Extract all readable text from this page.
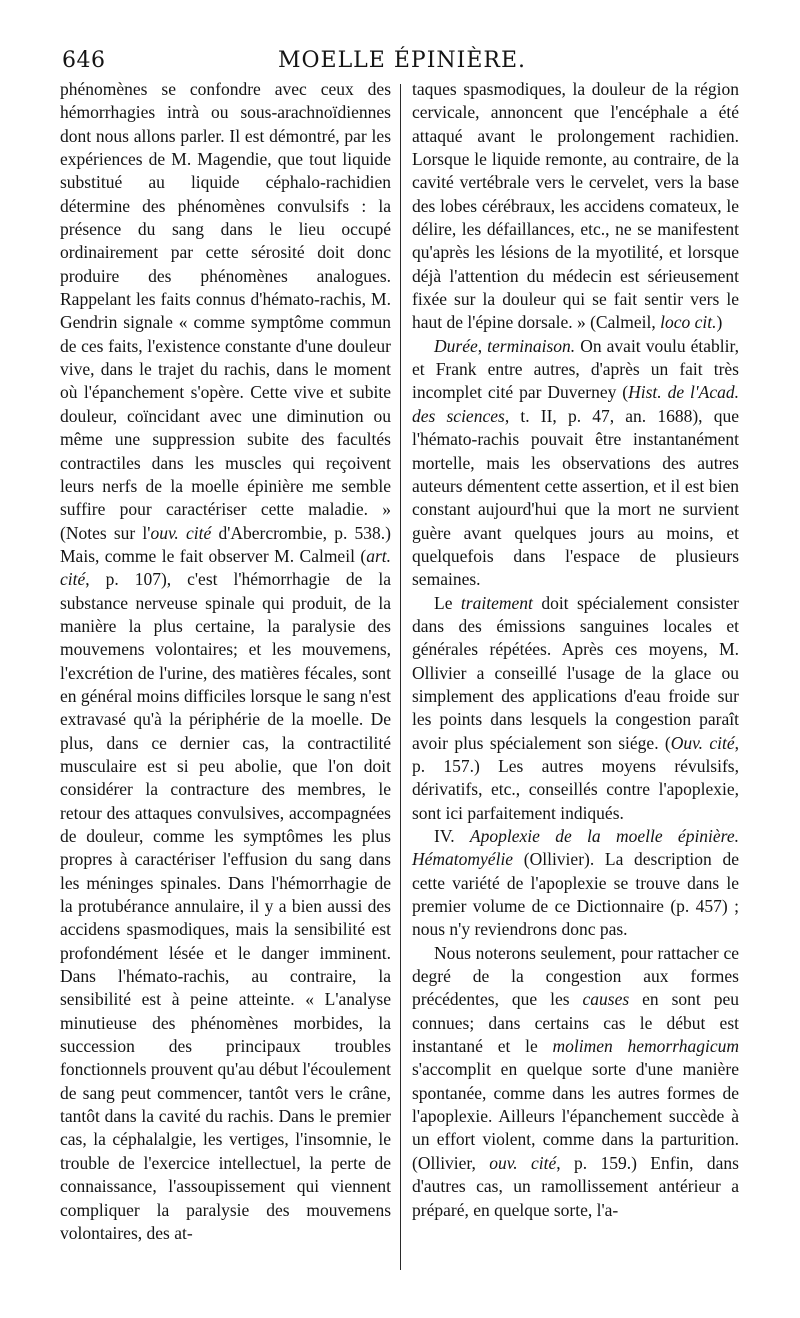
646	MOELLE ÉPINIÈRE.

phénomènes se confondre avec ceux des hémorrhagies intrà ou sous-arachnoïdiennes dont nous allons parler. Il est démontré, par les expériences de M. Magendie, que tout liquide substitué au liquide céphalo-rachidien détermine des phénomènes convulsifs : la présence du sang dans le lieu occupé ordinairement par cette sérosité doit donc produire des phénomènes analogues. Rappelant les faits connus d'hémato-rachis, M. Gendrin signale « comme symptôme commun de ces faits, l'existence constante d'une douleur vive, dans le trajet du rachis, dans le moment où l'épanchement s'opère. Cette vive et subite douleur, coïncidant avec une diminution ou même une suppression subite des facultés contractiles dans les muscles qui reçoivent leurs nerfs de la moelle épinière me semble suffire pour caractériser cette maladie. » (Notes sur l'ouv. cité d'Abercrombie, p. 538.) Mais, comme le fait observer M. Calmeil (art. cité, p. 107), c'est l'hémorrhagie de la substance nerveuse spinale qui produit, de la manière la plus certaine, la paralysie des mouvemens volontaires; et les mouvemens, l'excrétion de l'urine, des matières fécales, sont en général moins difficiles lorsque le sang n'est extravasé qu'à la périphérie de la moelle. De plus, dans ce dernier cas, la contractilité musculaire est si peu abolie, que l'on doit considérer la contracture des membres, le retour des attaques convulsives, accompagnées de douleur, comme les symptômes les plus propres à caractériser l'effusion du sang dans les méninges spinales. Dans l'hémorrhagie de la protubérance annulaire, il y a bien aussi des accidens spasmodiques, mais la sensibilité est profondément lésée et le danger imminent. Dans l'hémato-rachis, au contraire, la sensibilité est à peine atteinte. « L'analyse minutieuse des phénomènes morbides, la succession des principaux troubles fonctionnels prouvent qu'au début l'écoulement de sang peut commencer, tantôt vers le crâne, tantôt dans la cavité du rachis. Dans le premier cas, la céphalalgie, les vertiges, l'insomnie, le trouble de l'exercice intellectuel, la perte de connaissance, l'assoupissement qui viennent compliquer la paralysie des mouvemens volontaires, des at-

taques spasmodiques, la douleur de la région cervicale, annoncent que l'encéphale a été attaqué avant le prolongement rachidien. Lorsque le liquide remonte, au contraire, de la cavité vertébrale vers le cervelet, vers la base des lobes cérébraux, les accidens comateux, le délire, les défaillances, etc., ne se manifestent qu'après les lésions de la myotilité, et lorsque déjà l'attention du médecin est sérieusement fixée sur la douleur qui se fait sentir vers le haut de l'épine dorsale. » (Calmeil, loco cit.)

Durée, terminaison. On avait voulu établir, et Frank entre autres, d'après un fait très incomplet cité par Duverney (Hist. de l'Acad. des sciences, t. II, p. 47, an. 1688), que l'hémato-rachis pouvait être instantanément mortelle, mais les observations des autres auteurs démentent cette assertion, et il est bien constant aujourd'hui que la mort ne survient guère avant quelques jours au moins, et quelquefois dans l'espace de plusieurs semaines.

Le traitement doit spécialement consister dans des émissions sanguines locales et générales répétées. Après ces moyens, M. Ollivier a conseillé l'usage de la glace ou simplement des applications d'eau froide sur les points dans lesquels la congestion paraît avoir plus spécialement son siége. (Ouv. cité, p. 157.) Les autres moyens révulsifs, dérivatifs, etc., conseillés contre l'apoplexie, sont ici parfaitement indiqués.

IV. Apoplexie de la moelle épinière. Hématomyélie (Ollivier). La description de cette variété de l'apoplexie se trouve dans le premier volume de ce Dictionnaire (p. 457) ; nous n'y reviendrons donc pas.

Nous noterons seulement, pour rattacher ce degré de la congestion aux formes précédentes, que les causes en sont peu connues; dans certains cas le début est instantané et le molimen hemorrhagicum s'accomplit en quelque sorte d'une manière spontanée, comme dans les autres formes de l'apoplexie. Ailleurs l'épanchement succède à un effort violent, comme dans la parturition. (Ollivier, ouv. cité, p. 159.) Enfin, dans d'autres cas, un ramollissement antérieur a préparé, en quelque sorte, l'a-
